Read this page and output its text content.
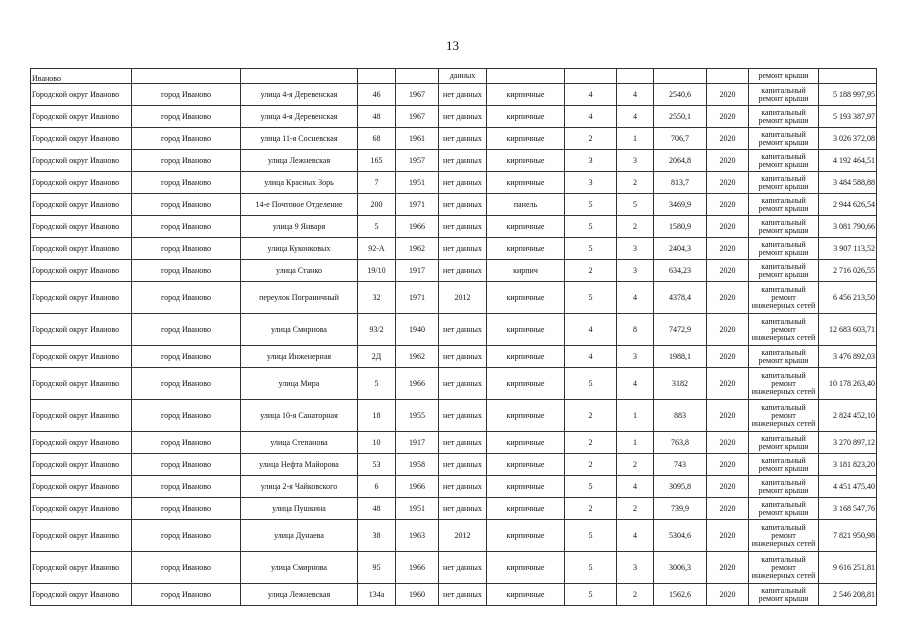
13
Иваново					данных						ремонт крыши	
Городской округ Иваново	город Иваново	улица 4-я Деревенская	46	1967	нет данных	кирпичные	4	4	2540,6	2020	капитальный ремонт крыши	5 188 997,95
Городской округ Иваново	город Иваново	улица 4-я Деревенская	48	1967	нет данных	кирпичные	4	4	2550,1	2020	капитальный ремонт крыши	5 193 387,97
Городской округ Иваново	город Иваново	улица 11-я Сосневская	68	1961	нет данных	кирпичные	2	1	706,7	2020	капитальный ремонт крыши	3 026 372,08
Городской округ Иваново	город Иваново	улица Лежневская	165	1957	нет данных	кирпичные	3	3	2064,8	2020	капитальный ремонт крыши	4 192 464,51
Городской округ Иваново	город Иваново	улица Красных Зорь	7	1951	нет данных	кирпичные	3	2	813,7	2020	капитальный ремонт крыши	3 484 588,88
Городской округ Иваново	город Иваново	14-е Почтовое Отделение	200	1971	нет данных	панель	5	5	3469,9	2020	капитальный ремонт крыши	2 944 626,54
Городской округ Иваново	город Иваново	улица 9 Января	5	1966	нет данных	кирпичные	5	2	1580,9	2020	капитальный ремонт крыши	3 081 790,66
Городской округ Иваново	город Иваново	улица Куконковых	92-А	1962	нет данных	кирпичные	5	3	2404,3	2020	капитальный ремонт крыши	3 907 113,52
Городской округ Иваново	город Иваново	улица Станко	19/10	1917	нет данных	кирпич	2	3	634,23	2020	капитальный ремонт крыши	2 716 026,55
Городской округ Иваново	город Иваново	переулок Пограничный	32	1971	2012	кирпичные	5	4	4378,4	2020	капитальный ремонт инженерных сетей	6 456 213,50
Городской округ Иваново	город Иваново	улица Смирнова	93/2	1940	нет данных	кирпичные	4	8	7472,9	2020	капитальный ремонт инженерных сетей	12 683 603,71
Городской округ Иваново	город Иваново	улица Инженерная	2Д	1962	нет данных	кирпичные	4	3	1988,1	2020	капитальный ремонт крыши	3 476 892,03
Городской округ Иваново	город Иваново	улица Мира	5	1966	нет данных	кирпичные	5	4	3182	2020	капитальный ремонт инженерных сетей	10 178 263,40
Городской округ Иваново	город Иваново	улица 10-я Санаторная	18	1955	нет данных	кирпичные	2	1	883	2020	капитальный ремонт инженерных сетей	2 824 452,10
Городской округ Иваново	город Иваново	улица Степанова	10	1917	нет данных	кирпичные	2	1	763,8	2020	капитальный ремонт крыши	3 270 897,12
Городской округ Иваново	город Иваново	улица Нефта Майорова	53	1958	нет данных	кирпичные	2	2	743	2020	капитальный ремонт крыши	3 181 823,20
Городской округ Иваново	город Иваново	улица 2-я Чайковского	6	1966	нет данных	кирпичные	5	4	3095,8	2020	капитальный ремонт крыши	4 451 475,40
Городской округ Иваново	город Иваново	улица Пушкина	48	1951	нет данных	кирпичные	2	2	739,9	2020	капитальный ремонт крыши	3 168 547,76
Городской округ Иваново	город Иваново	улица Дунаева	38	1963	2012	кирпичные	5	4	5304,6	2020	капитальный ремонт инженерных сетей	7 821 950,98
Городской округ Иваново	город Иваново	улица Смирнова	95	1966	нет данных	кирпичные	5	3	3006,3	2020	капитальный ремонт инженерных сетей	9 616 251,81
Городской округ Иваново	город Иваново	улица Лежневская	134а	1960	нет данных	кирпичные	5	2	1562,6	2020	капитальный ремонт крыши	2 546 208,81
